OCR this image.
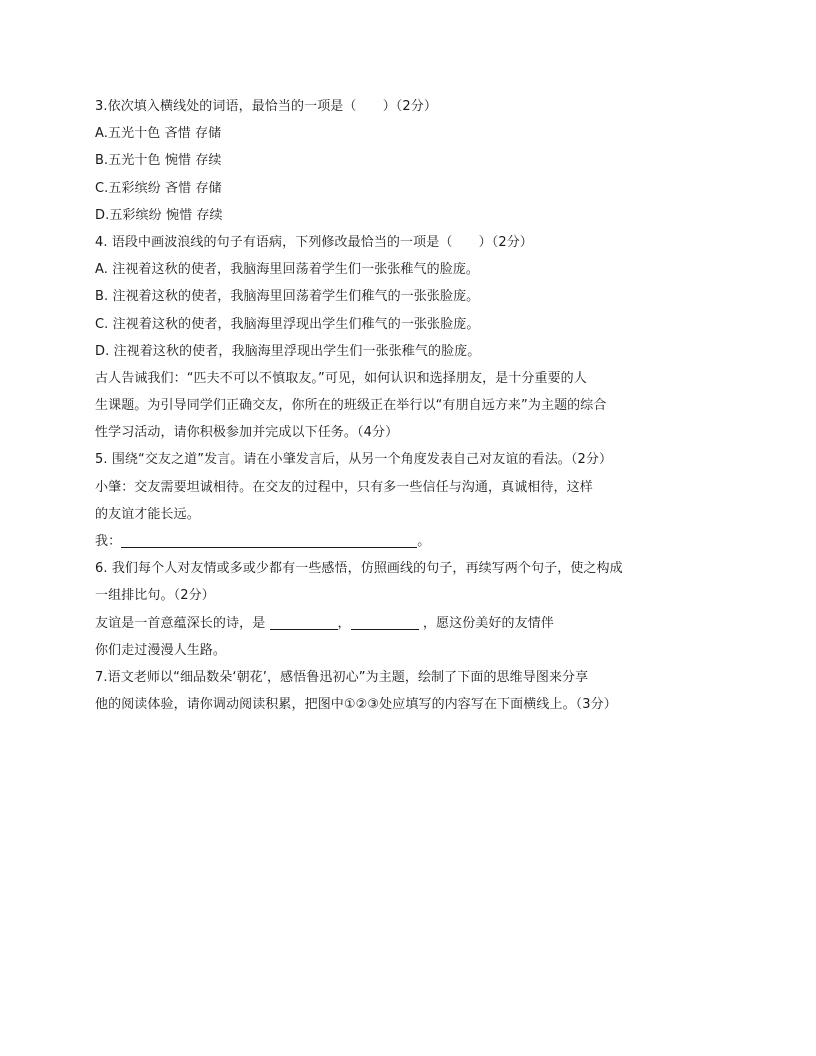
3.依次填入横线处的词语，最恰当的一项是（　　）（2分）
A.五光十色 吝惜 存储
B.五光十色 惋惜 存续
C.五彩缤纷 吝惜 存储
D.五彩缤纷 惋惜 存续
4. 语段中画波浪线的句子有语病，下列修改最恰当的一项是（　　）（2分）
A. 注视着这秋的使者，我脑海里回荡着学生们一张张稚气的脸庞。
B. 注视着这秋的使者，我脑海里回荡着学生们稚气的一张张脸庞。
C. 注视着这秋的使者，我脑海里浮现出学生们稚气的一张张脸庞。
D. 注视着这秋的使者，我脑海里浮现出学生们一张张稚气的脸庞。
古人告诫我们：“匹夫不可以不慎取友。”可见，如何认识和选择朋友，是十分重要的人
生课题。为引导同学们正确交友，你所在的班级正在举行以“有朋自远方来”为主题的综合
性学习活动，请你积极参加并完成以下任务。（4分）
5. 围绕“交友之道”发言。请在小肇发言后，从另一个角度发表自己对友谊的看法。（2分）
小肇：交友需要坦诚相待。在交友的过程中，只有多一些信任与沟通，真诚相待，这样
的友谊才能长远。
我：	。
6. 我们每个人对友情或多或少都有一些感悟，仿照画线的句子，再续写两个句子，使之构成
一组排比句。（2分）
友谊是一首意蕴深长的诗，是	，	，愿这份美好的友情伴
你们走过漫漫人生路。
7.语文老师以“细品数朵‘朝花’，感悟鲁迅初心”为主题，绘制了下面的思维导图来分享
他的阅读体验，请你调动阅读积累，把图中①②③处应填写的内容写在下面横线上。（3分）
